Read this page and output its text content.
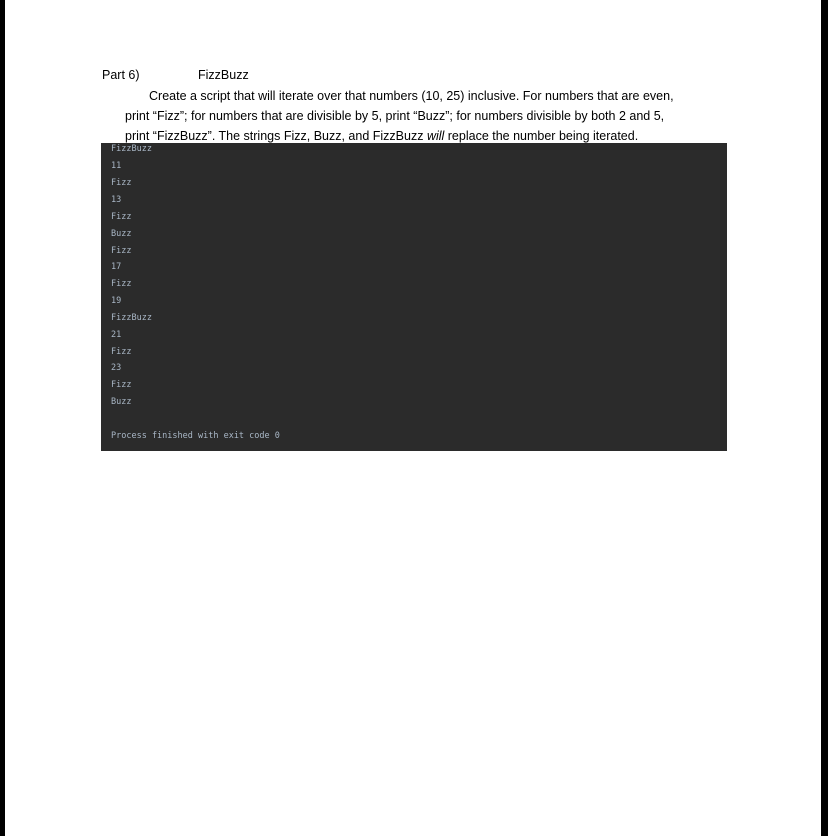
Part 6)	FizzBuzz
Create a script that will iterate over that numbers (10, 25) inclusive. For numbers that are even,
print “Fizz”; for numbers that are divisible by 5, print “Buzz”; for numbers divisible by both 2 and 5,
print “FizzBuzz”. The strings Fizz, Buzz, and FizzBuzz will replace the number being iterated.
FizzBuzz
11
Fizz
13
Fizz
Buzz
Fizz
17
Fizz
19
FizzBuzz
21
Fizz
23
Fizz
Buzz
Process finished with exit code 0
